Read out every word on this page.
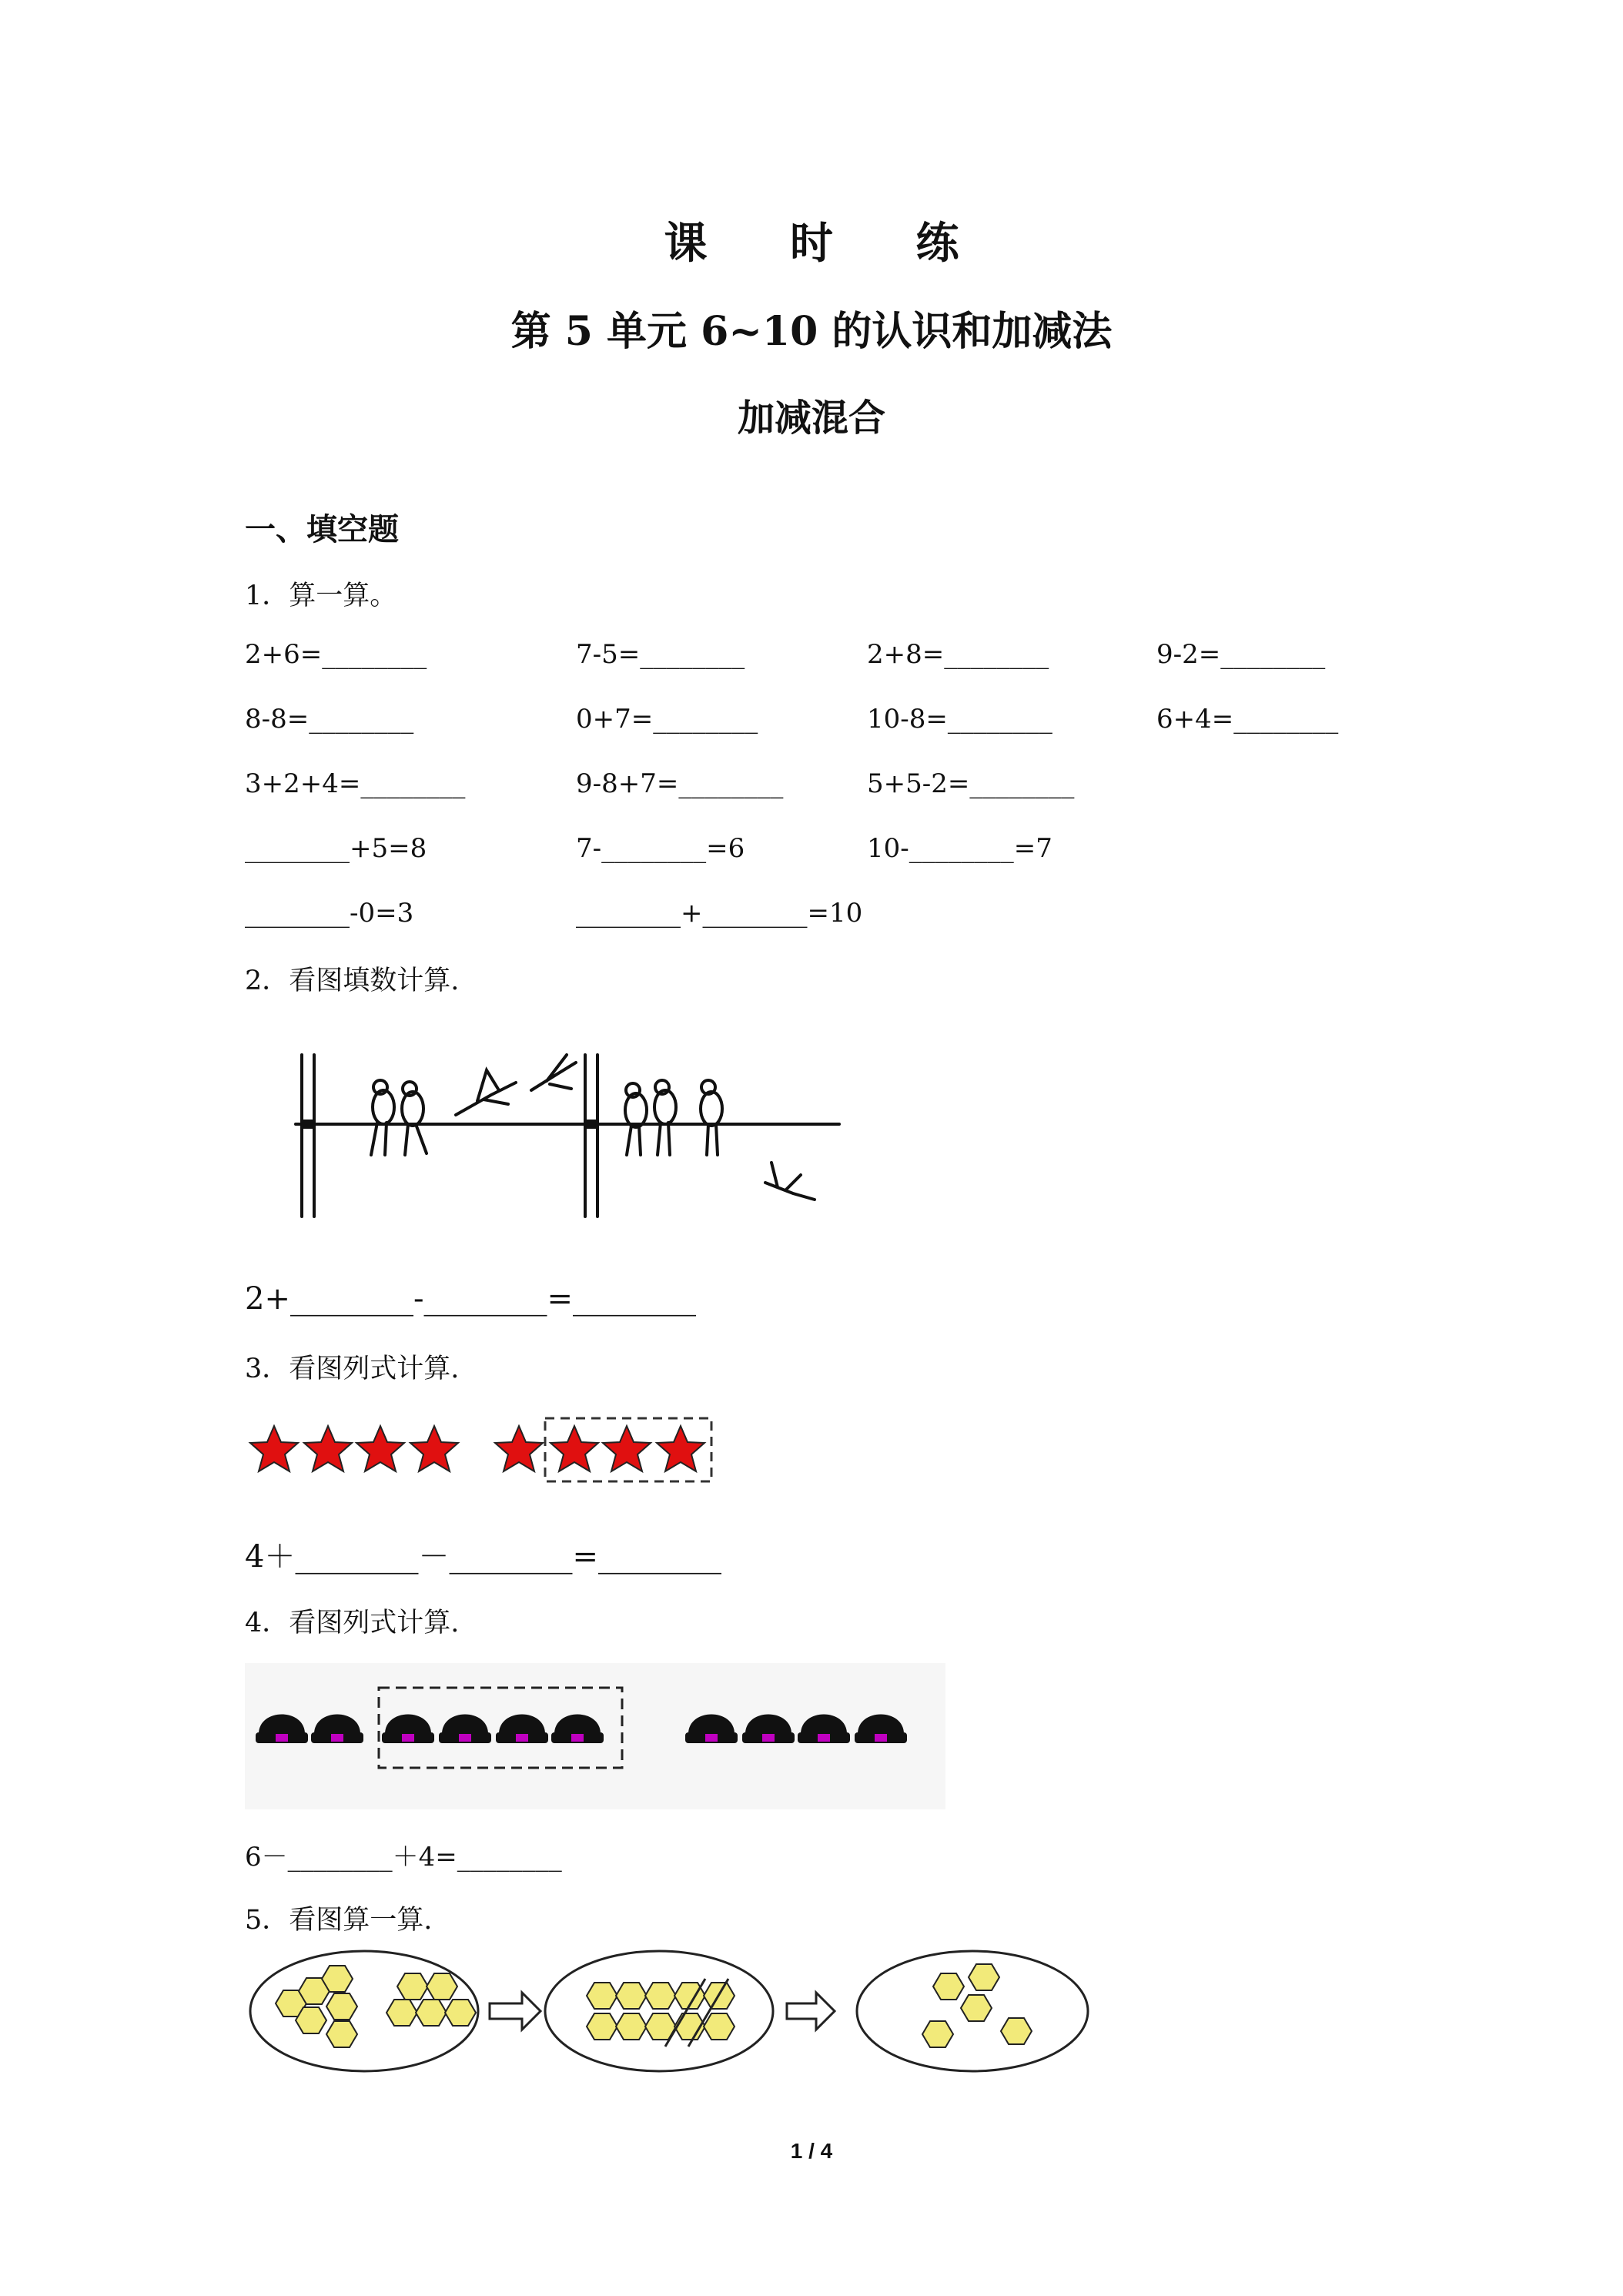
课 时 练
第 5 单元 6~10 的认识和加减法
加减混合
一、填空题
1．算一算。
2+6=________	7-5=________	2+8=________	9-2=________
8-8=________	0+7=________	10-8=________	6+4=________
3+2+4=________	9-8+7=________	5+5-2=________
________+5=8	7-________=6	10-________=7
________-0=3	________+________=10
2．看图填数计算.
2+________-________=________
3．看图列式计算.
4＋________－________=________
4．看图列式计算.
6－________＋4=________
5．看图算一算.
1 / 4
